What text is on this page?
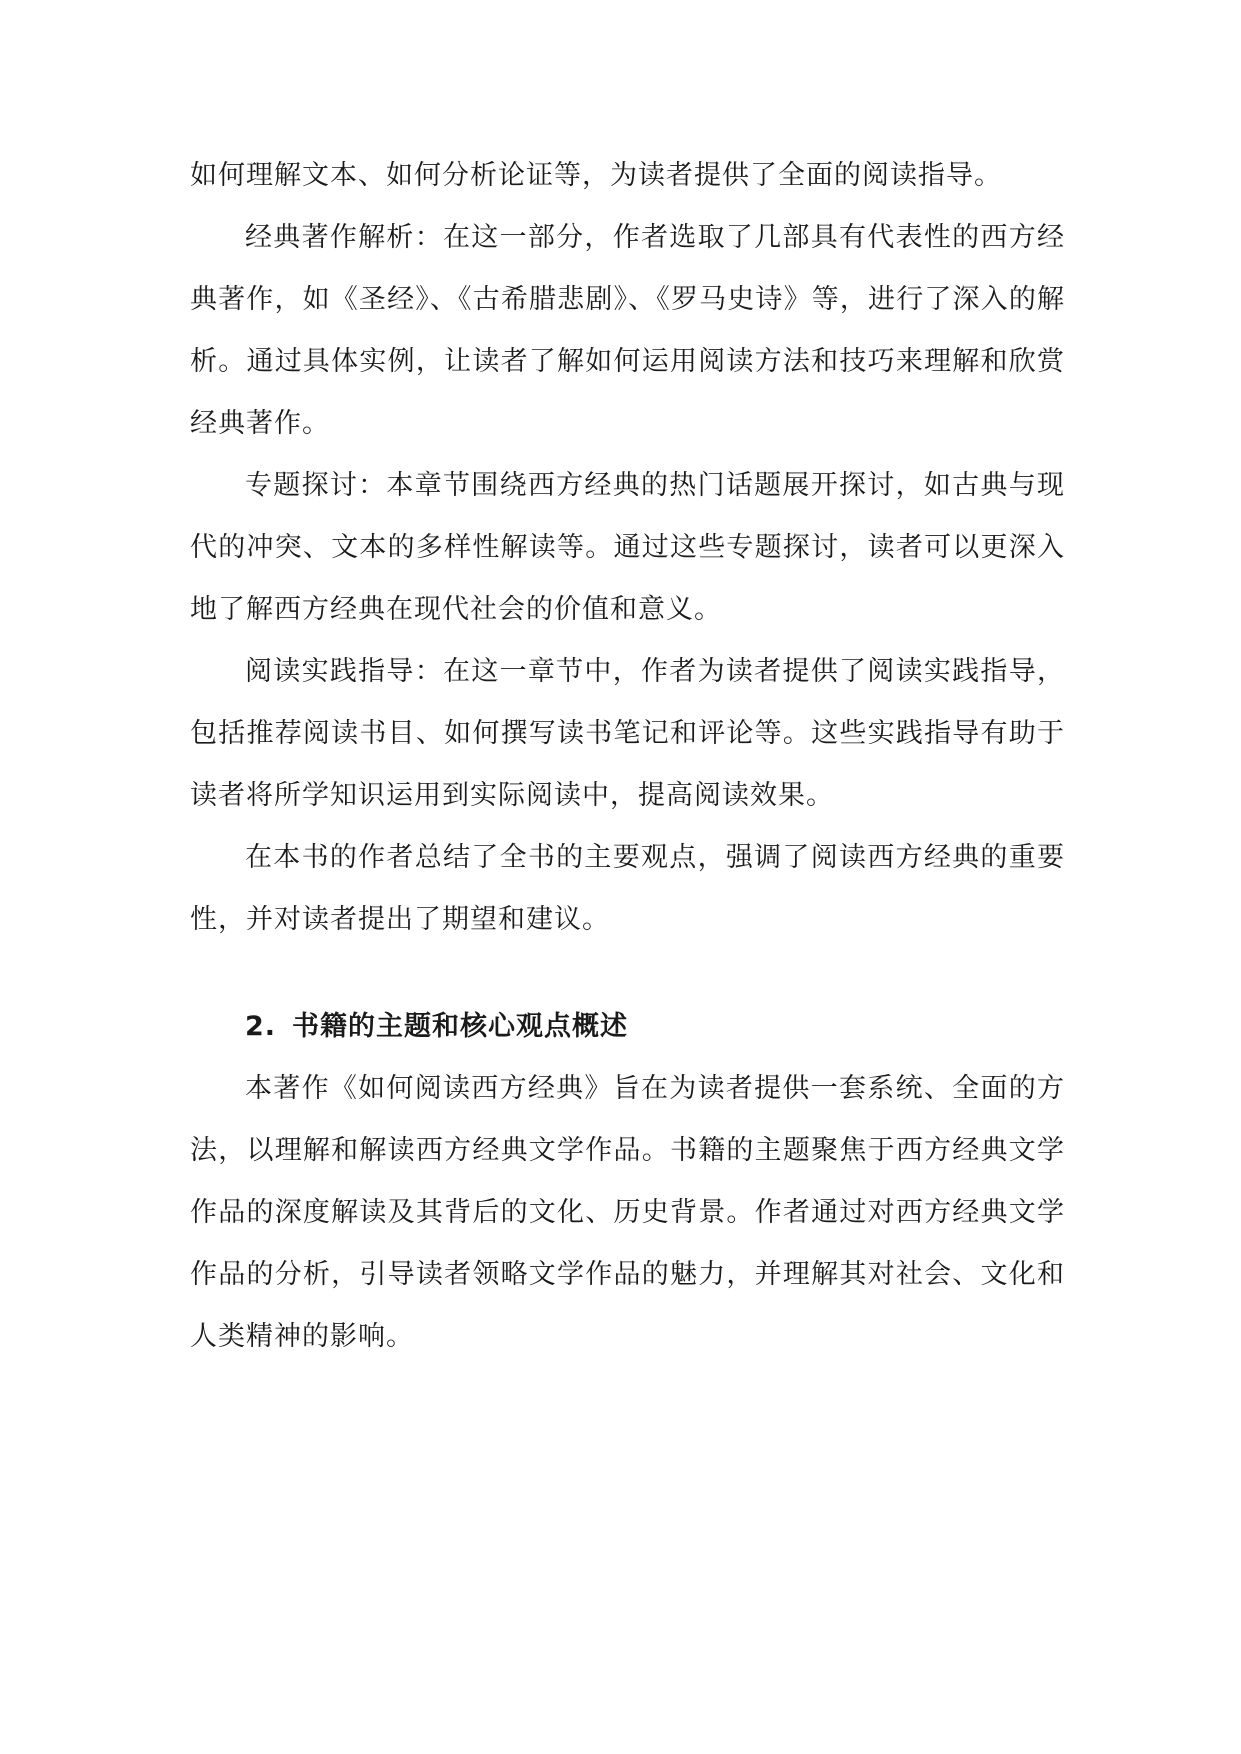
如何理解文本、如何分析论证等，为读者提供了全面的阅读指导。

经典著作解析：在这一部分，作者选取了几部具有代表性的西方经典著作，如《圣经》、《古希腊悲剧》、《罗马史诗》等，进行了深入的解析。通过具体实例，让读者了解如何运用阅读方法和技巧来理解和欣赏经典著作。

专题探讨：本章节围绕西方经典的热门话题展开探讨，如古典与现代的冲突、文本的多样性解读等。通过这些专题探讨，读者可以更深入地了解西方经典在现代社会的价值和意义。

阅读实践指导：在这一章节中，作者为读者提供了阅读实践指导，包括推荐阅读书目、如何撰写读书笔记和评论等。这些实践指导有助于读者将所学知识运用到实际阅读中，提高阅读效果。

在本书的作者总结了全书的主要观点，强调了阅读西方经典的重要性，并对读者提出了期望和建议。

2. 书籍的主题和核心观点概述

本著作《如何阅读西方经典》旨在为读者提供一套系统、全面的方法，以理解和解读西方经典文学作品。书籍的主题聚焦于西方经典文学作品的深度解读及其背后的文化、历史背景。作者通过对西方经典文学作品的分析，引导读者领略文学作品的魅力，并理解其对社会、文化和人类精神的影响。
